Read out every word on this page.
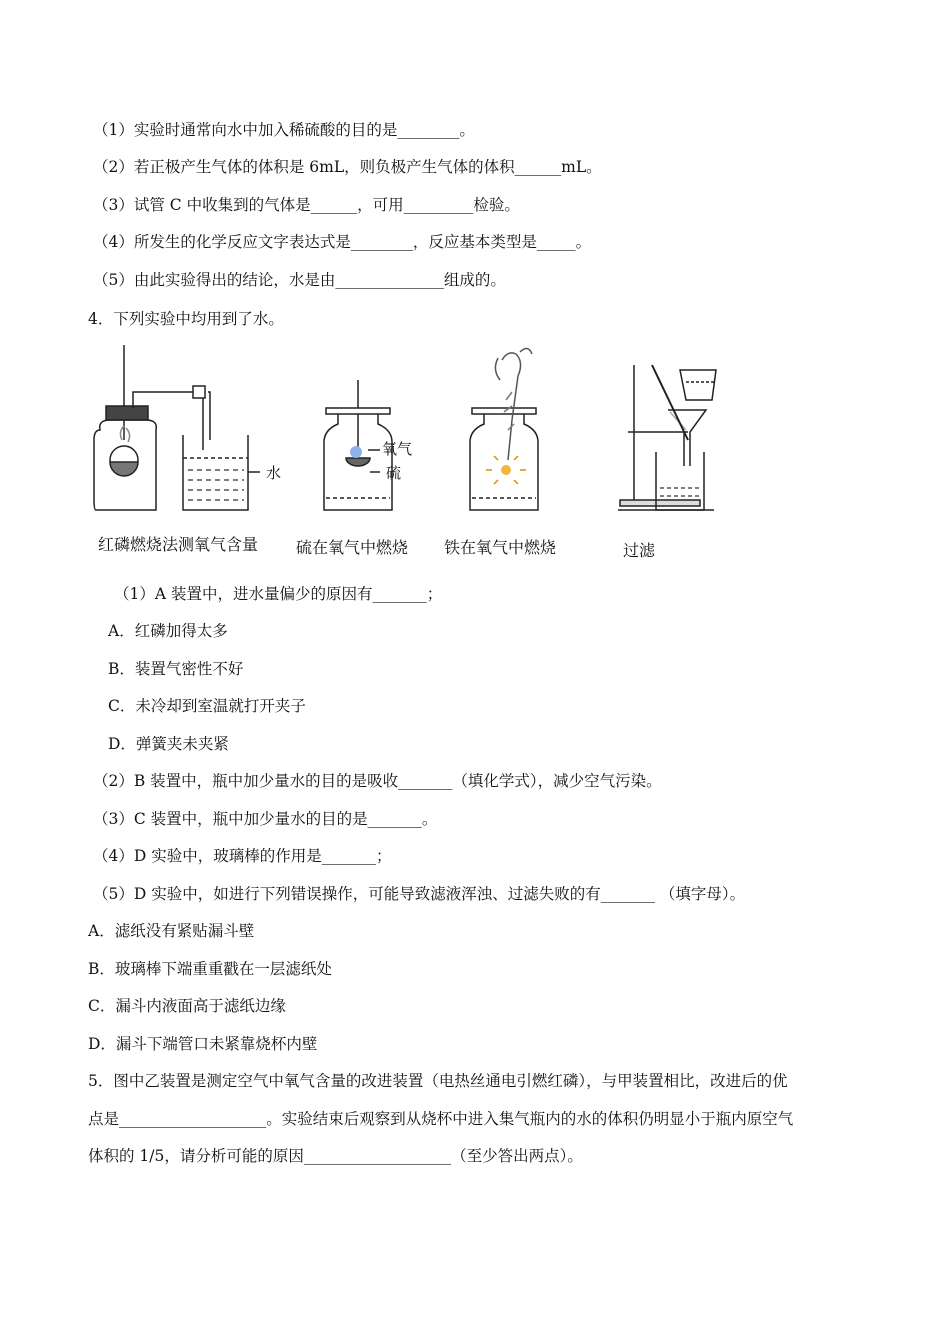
（1）实验时通常向水中加入稀硫酸的目的是________。
（2）若正极产生气体的体积是 6mL，则负极产生气体的体积______mL。
（3）试管 C 中收集到的气体是______，可用_________检验。
（4）所发生的化学反应文字表达式是________，反应基本类型是_____。
（5）由此实验得出的结论，水是由______________组成的。
4．下列实验中均用到了水。
水
氧气
硫
红磷燃烧法测氧气含量 硫在氧气中燃烧 铁在氧气中燃烧	过滤
（1）A 装置中，进水量偏少的原因有_______；
A．红磷加得太多
B．装置气密性不好
C．未冷却到室温就打开夹子
D．弹簧夹未夹紧
（2）B 装置中，瓶中加少量水的目的是吸收_______（填化学式），减少空气污染。
（3）C 装置中，瓶中加少量水的目的是_______。
（4）D 实验中，玻璃棒的作用是_______；
（5）D 实验中，如进行下列错误操作，可能导致滤液浑浊、过滤失败的有_______ （填字母）。
A．滤纸没有紧贴漏斗壁
B．玻璃棒下端重重戳在一层滤纸处
C．漏斗内液面高于滤纸边缘
D．漏斗下端管口未紧靠烧杯内壁
5．图中乙装置是测定空气中氧气含量的改进装置（电热丝通电引燃红磷），与甲装置相比，改进后的优
点是___________________。实验结束后观察到从烧杯中进入集气瓶内的水的体积仍明显小于瓶内原空气
体积的 1/5，请分析可能的原因___________________（至少答出两点）。
